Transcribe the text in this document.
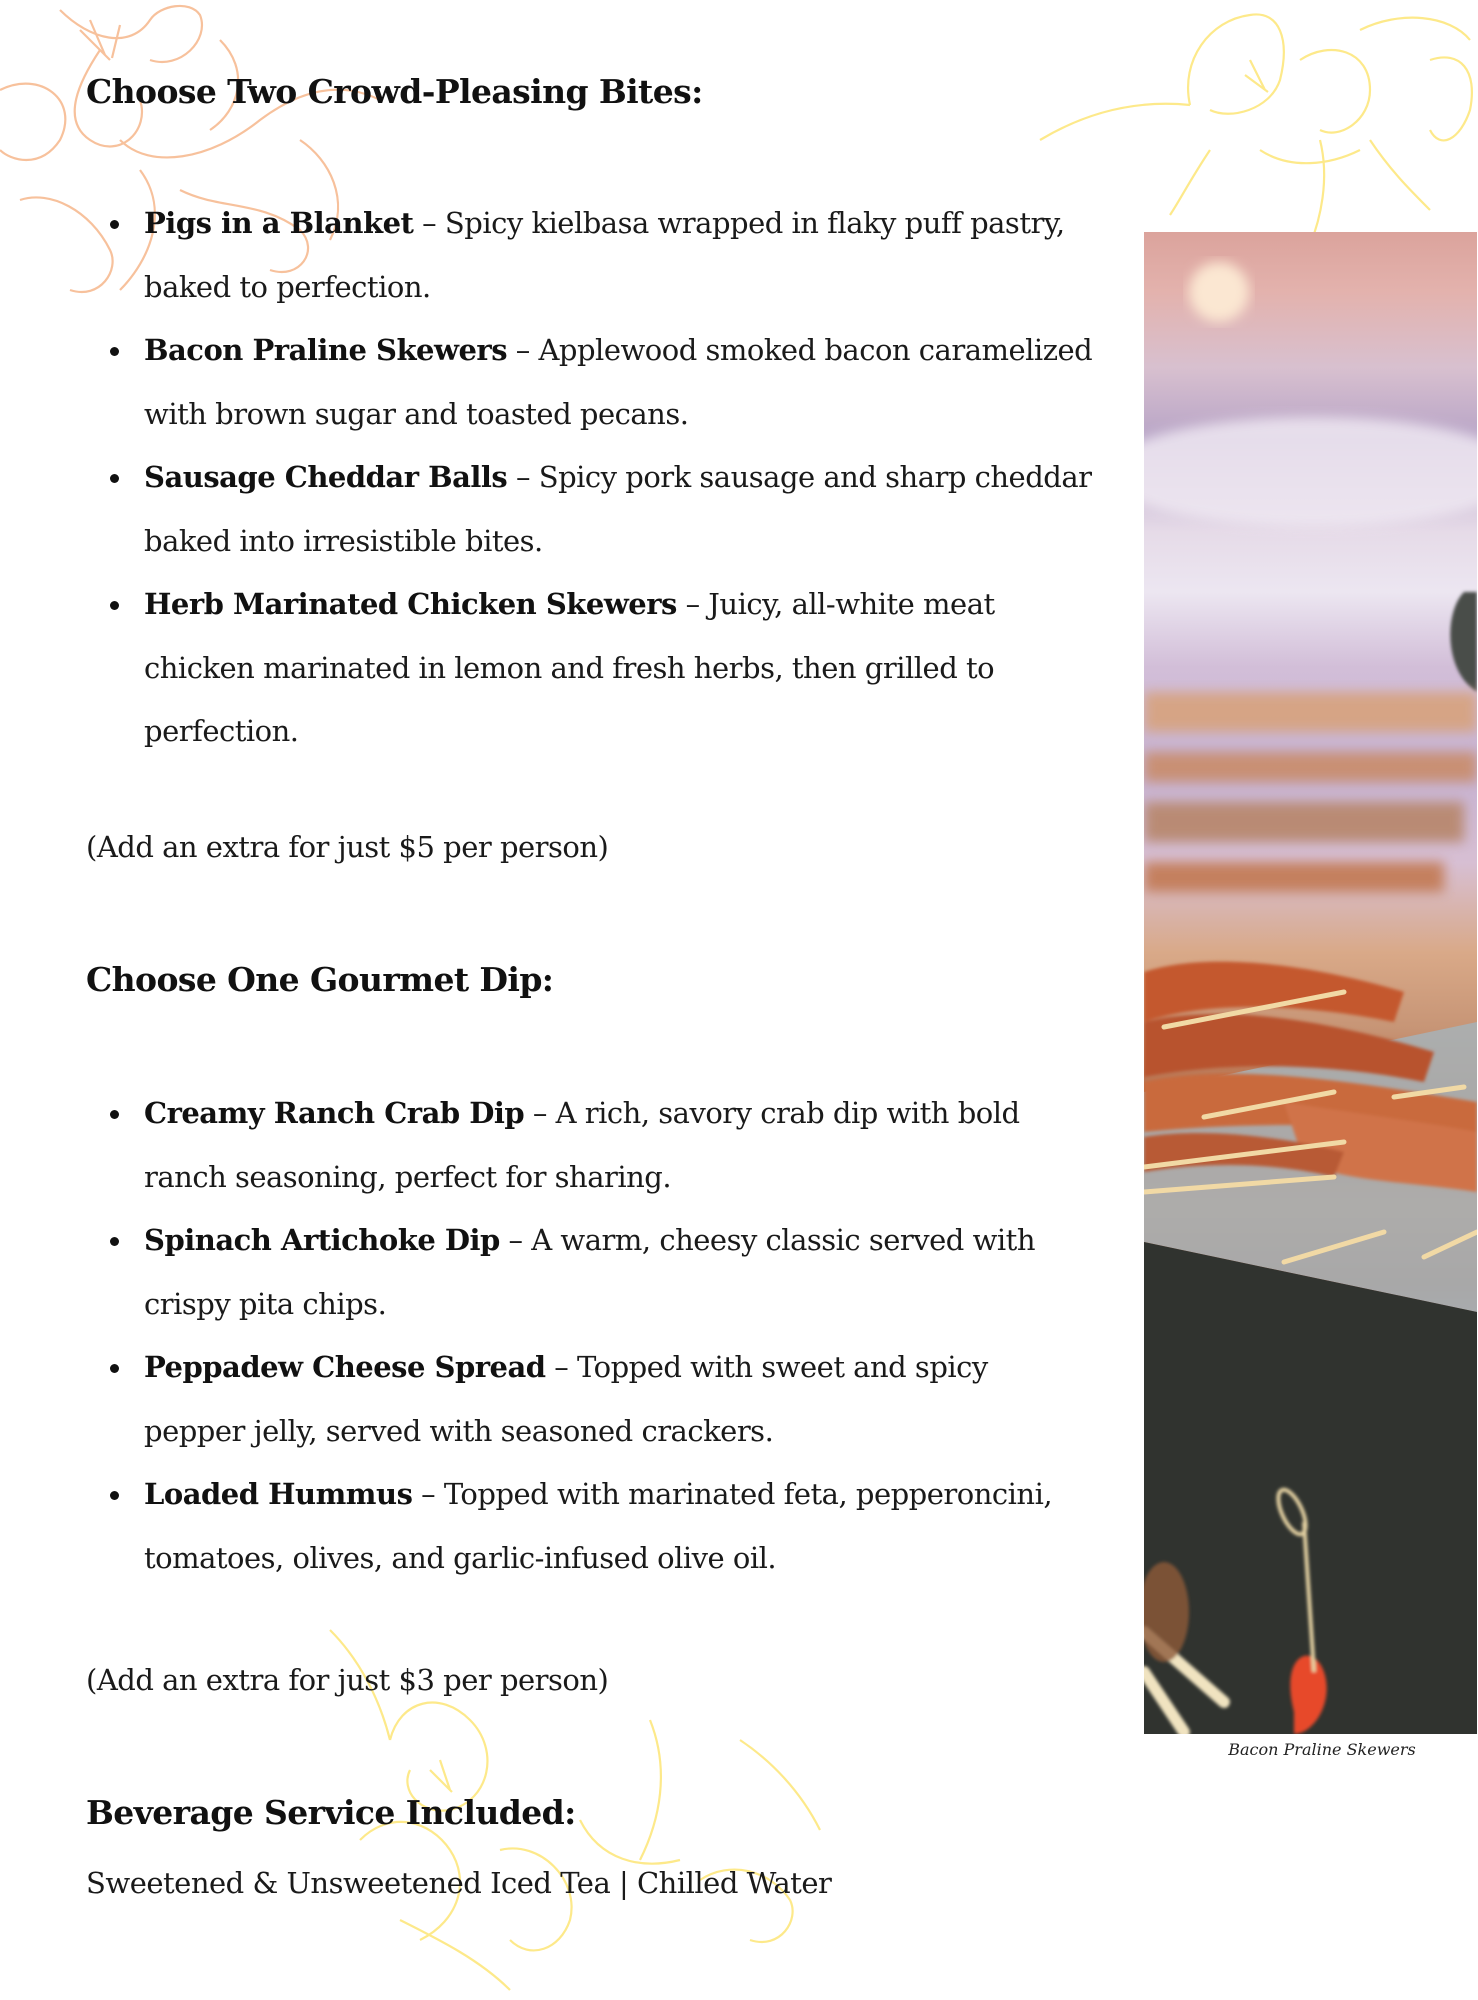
Choose Two Crowd-Pleasing Bites:
Pigs in a Blanket – Spicy kielbasa wrapped in flaky puff pastry, baked to perfection.
Bacon Praline Skewers – Applewood smoked bacon caramelized with brown sugar and toasted pecans.
Sausage Cheddar Balls – Spicy pork sausage and sharp cheddar baked into irresistible bites.
Herb Marinated Chicken Skewers – Juicy, all-white meat chicken marinated in lemon and fresh herbs, then grilled to perfection.
(Add an extra for just $5 per person)
Choose One Gourmet Dip:
Creamy Ranch Crab Dip – A rich, savory crab dip with bold ranch seasoning, perfect for sharing.
Spinach Artichoke Dip – A warm, cheesy classic served with crispy pita chips.
Peppadew Cheese Spread – Topped with sweet and spicy pepper jelly, served with seasoned crackers.
Loaded Hummus – Topped with marinated feta, pepperoncini, tomatoes, olives, and garlic-infused olive oil.
(Add an extra for just $3 per person)
Beverage Service Included:
Sweetened & Unsweetened Iced Tea | Chilled Water
Bacon Praline Skewers
